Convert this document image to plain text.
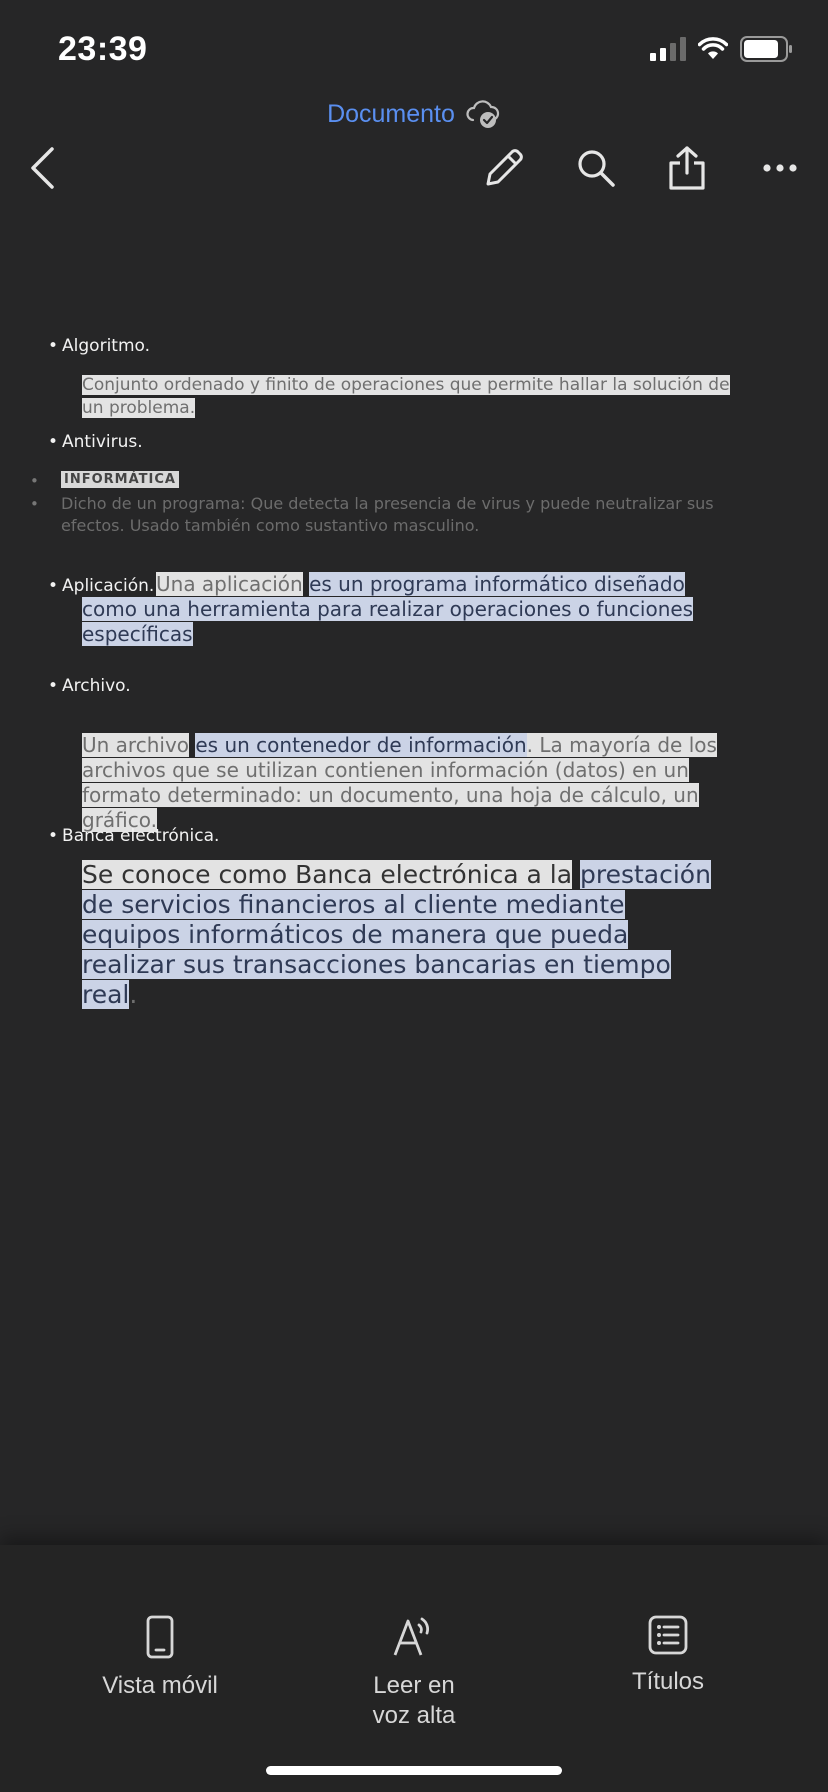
23:39
Documento
• Algoritmo.
Conjunto ordenado y finito de operaciones que permite hallar la solución de un problema.
• Antivirus.
• INFORMÁTICA
• Dicho de un programa: Que detecta la presencia de virus y puede neutralizar sus efectos. Usado también como sustantivo masculino.
• Aplicación. Una aplicación es un programa informático diseñado como una herramienta para realizar operaciones o funciones específicas
• Archivo.
Un archivo es un contenedor de información. La mayoría de los archivos que se utilizan contienen información (datos) en un formato determinado: un documento, una hoja de cálculo, un gráfico.
• Banca electrónica.
Se conoce como Banca electrónica a la prestación de servicios financieros al cliente mediante equipos informáticos de manera que pueda realizar sus transacciones bancarias en tiempo real.
Vista móvil	Leer en
voz alta
Títulos
